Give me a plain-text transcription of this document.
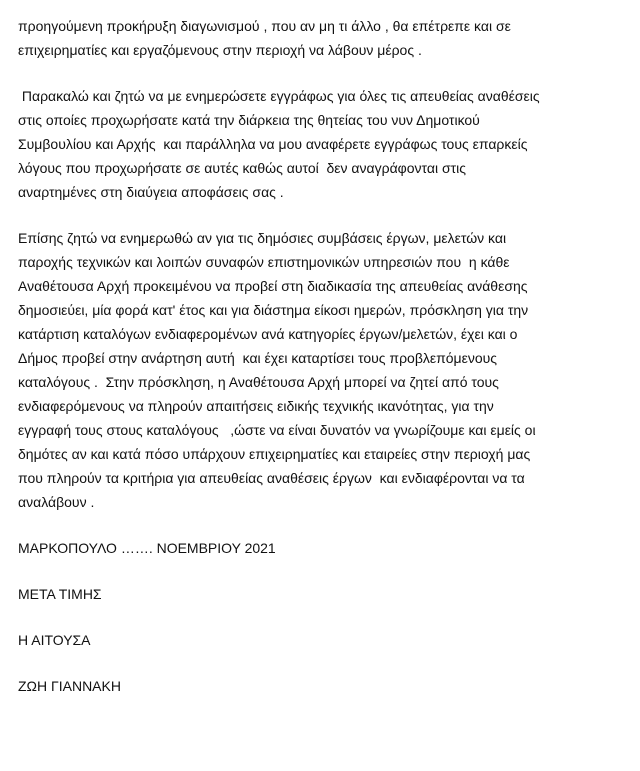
προηγούμενη προκήρυξη διαγωνισμού , που αν μη τι άλλο , θα επέτρεπε και σε
επιχειρηματίες και εργαζόμενους στην περιοχή να λάβουν μέρος .
Παρακαλώ και ζητώ να με ενημερώσετε εγγράφως για όλες τις απευθείας αναθέσεις
στις οποίες προχωρήσατε κατά την διάρκεια της θητείας του νυν Δημοτικού
Συμβουλίου και Αρχής  και παράλληλα να μου αναφέρετε εγγράφως τους επαρκείς
λόγους που προχωρήσατε σε αυτές καθώς αυτοί  δεν αναγράφονται στις
αναρτημένες στη διαύγεια αποφάσεις σας .
Επίσης ζητώ να ενημερωθώ αν για τις δημόσιες συμβάσεις έργων, μελετών και
παροχής τεχνικών και λοιπών συναφών επιστημονικών υπηρεσιών που  η κάθε
Αναθέτουσα Αρχή προκειμένου να προβεί στη διαδικασία της απευθείας ανάθεσης
δημοσιεύει, μία φορά κατ' έτος και για διάστημα είκοσι ημερών, πρόσκληση για την
κατάρτιση καταλόγων ενδιαφερομένων ανά κατηγορίες έργων/μελετών, έχει και ο
Δήμος προβεί στην ανάρτηση αυτή  και έχει καταρτίσει τους προβλεπόμενους
καταλόγους .  Στην πρόσκληση, η Αναθέτουσα Αρχή μπορεί να ζητεί από τους
ενδιαφερόμενους να πληρούν απαιτήσεις ειδικής τεχνικής ικανότητας, για την
εγγραφή τους στους καταλόγους   ,ώστε να είναι δυνατόν να γνωρίζουμε και εμείς οι
δημότες αν και κατά πόσο υπάρχουν επιχειρηματίες και εταιρείες στην περιοχή μας
που πληρούν τα κριτήρια για απευθείας αναθέσεις έργων  και ενδιαφέρονται να τα
αναλάβουν .
ΜΑΡΚΟΠΟΥΛΟ ……. ΝΟΕΜΒΡΙΟΥ 2021
ΜΕΤΑ ΤΙΜΗΣ
Η ΑΙΤΟΥΣΑ
ΖΩΗ ΓΙΑΝΝΑΚΗ
